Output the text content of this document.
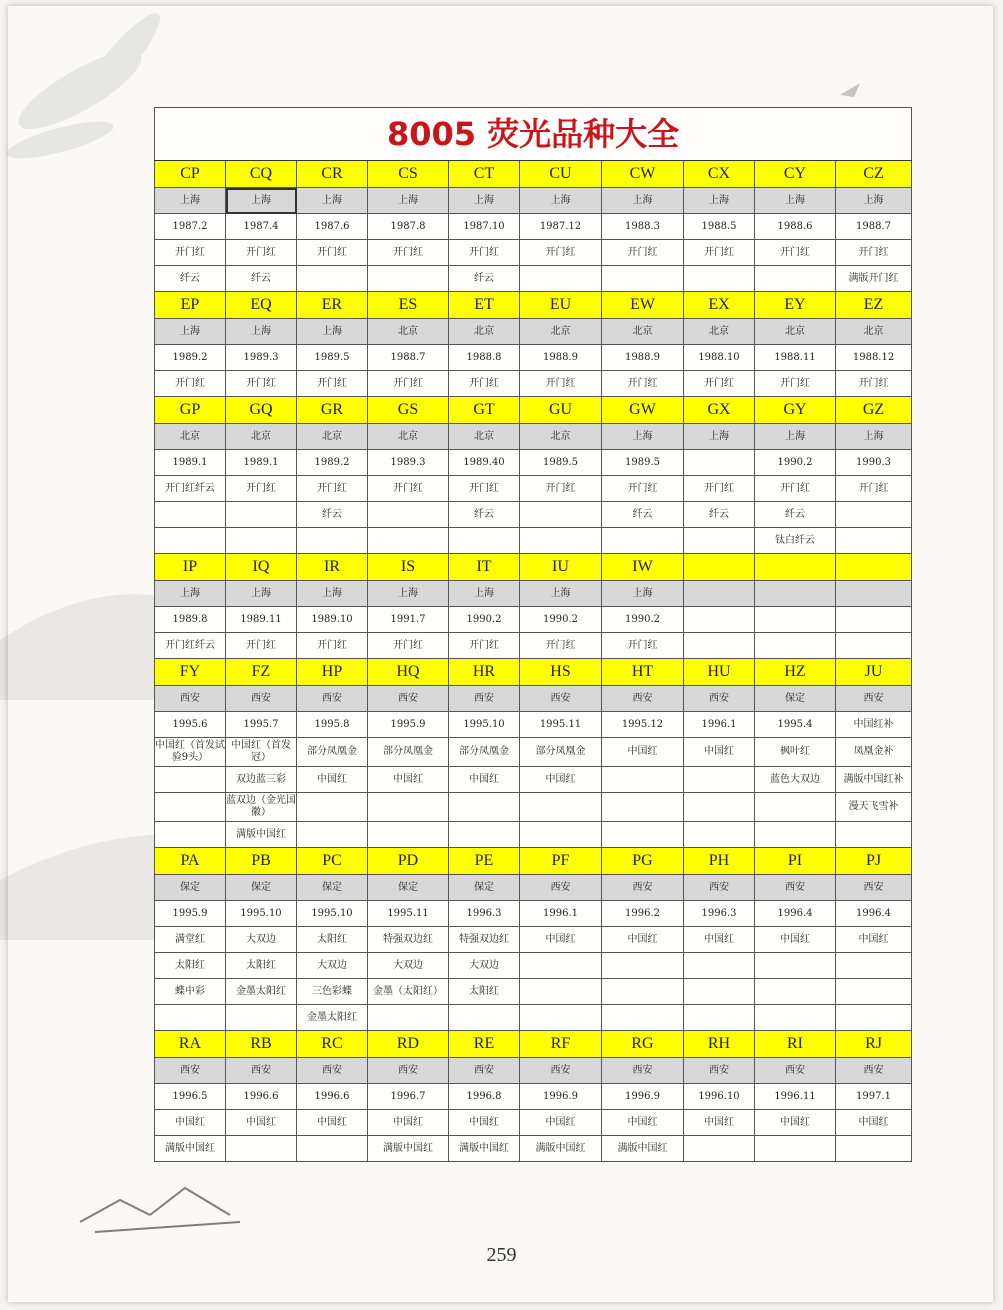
8005 荧光品种大全									
CP	CQ	CR	CS	CT	CU	CW	CX	CY	CZ
上海	上海	上海	上海	上海	上海	上海	上海	上海	上海
1987.2	1987.4	1987.6	1987.8	1987.10	1987.12	1988.3	1988.5	1988.6	1988.7
开门红	开门红	开门红	开门红	开门红	开门红	开门红	开门红	开门红	开门红
纤云	纤云			纤云					满版开门红
EP	EQ	ER	ES	ET	EU	EW	EX	EY	EZ
上海	上海	上海	北京	北京	北京	北京	北京	北京	北京
1989.2	1989.3	1989.5	1988.7	1988.8	1988.9	1988.9	1988.10	1988.11	1988.12
开门红	开门红	开门红	开门红	开门红	开门红	开门红	开门红	开门红	开门红
GP	GQ	GR	GS	GT	GU	GW	GX	GY	GZ
北京	北京	北京	北京	北京	北京	上海	上海	上海	上海
1989.1	1989.1	1989.2	1989.3	1989.40	1989.5	1989.5		1990.2	1990.3
开门红纤云	开门红	开门红	开门红	开门红	开门红	开门红	开门红	开门红	开门红
		纤云		纤云		纤云	纤云	纤云	
								钛白纤云	
IP	IQ	IR	IS	IT	IU	IW			
上海	上海	上海	上海	上海	上海	上海			
1989.8	1989.11	1989.10	1991.7	1990.2	1990.2	1990.2			
开门红纤云	开门红	开门红	开门红	开门红	开门红	开门红			
FY	FZ	HP	HQ	HR	HS	HT	HU	HZ	JU
西安	西安	西安	西安	西安	西安	西安	西安	保定	西安
1995.6	1995.7	1995.8	1995.9	1995.10	1995.11	1995.12	1996.1	1995.4	中国红补
中国红（首发试验9头）	中国红（首发冠）	部分凤凰金	部分凤凰金	部分凤凰金	部分凤凰金	中国红	中国红	枫叶红	凤凰金补
	双边蓝三彩	中国红	中国红	中国红	中国红			蓝色大双边	满版中国红补
	蓝双边（金光国徽）								漫天飞雪补
	满版中国红								
PA	PB	PC	PD	PE	PF	PG	PH	PI	PJ
保定	保定	保定	保定	保定	西安	西安	西安	西安	西安
1995.9	1995.10	1995.10	1995.11	1996.3	1996.1	1996.2	1996.3	1996.4	1996.4
满堂红	大双边	太阳红	特强双边红	特强双边红	中国红	中国红	中国红	中国红	中国红
太阳红	太阳红	大双边	大双边	大双边					
蝶中彩	金墨太阳红	三色彩蝶	金墨（太阳红）	太阳红					
		金墨太阳红							
RA	RB	RC	RD	RE	RF	RG	RH	RI	RJ
西安	西安	西安	西安	西安	西安	西安	西安	西安	西安
1996.5	1996.6	1996.6	1996.7	1996.8	1996.9	1996.9	1996.10	1996.11	1997.1
中国红	中国红	中国红	中国红	中国红	中国红	中国红	中国红	中国红	中国红
满版中国红			满版中国红	满版中国红	满版中国红	满版中国红			
259
